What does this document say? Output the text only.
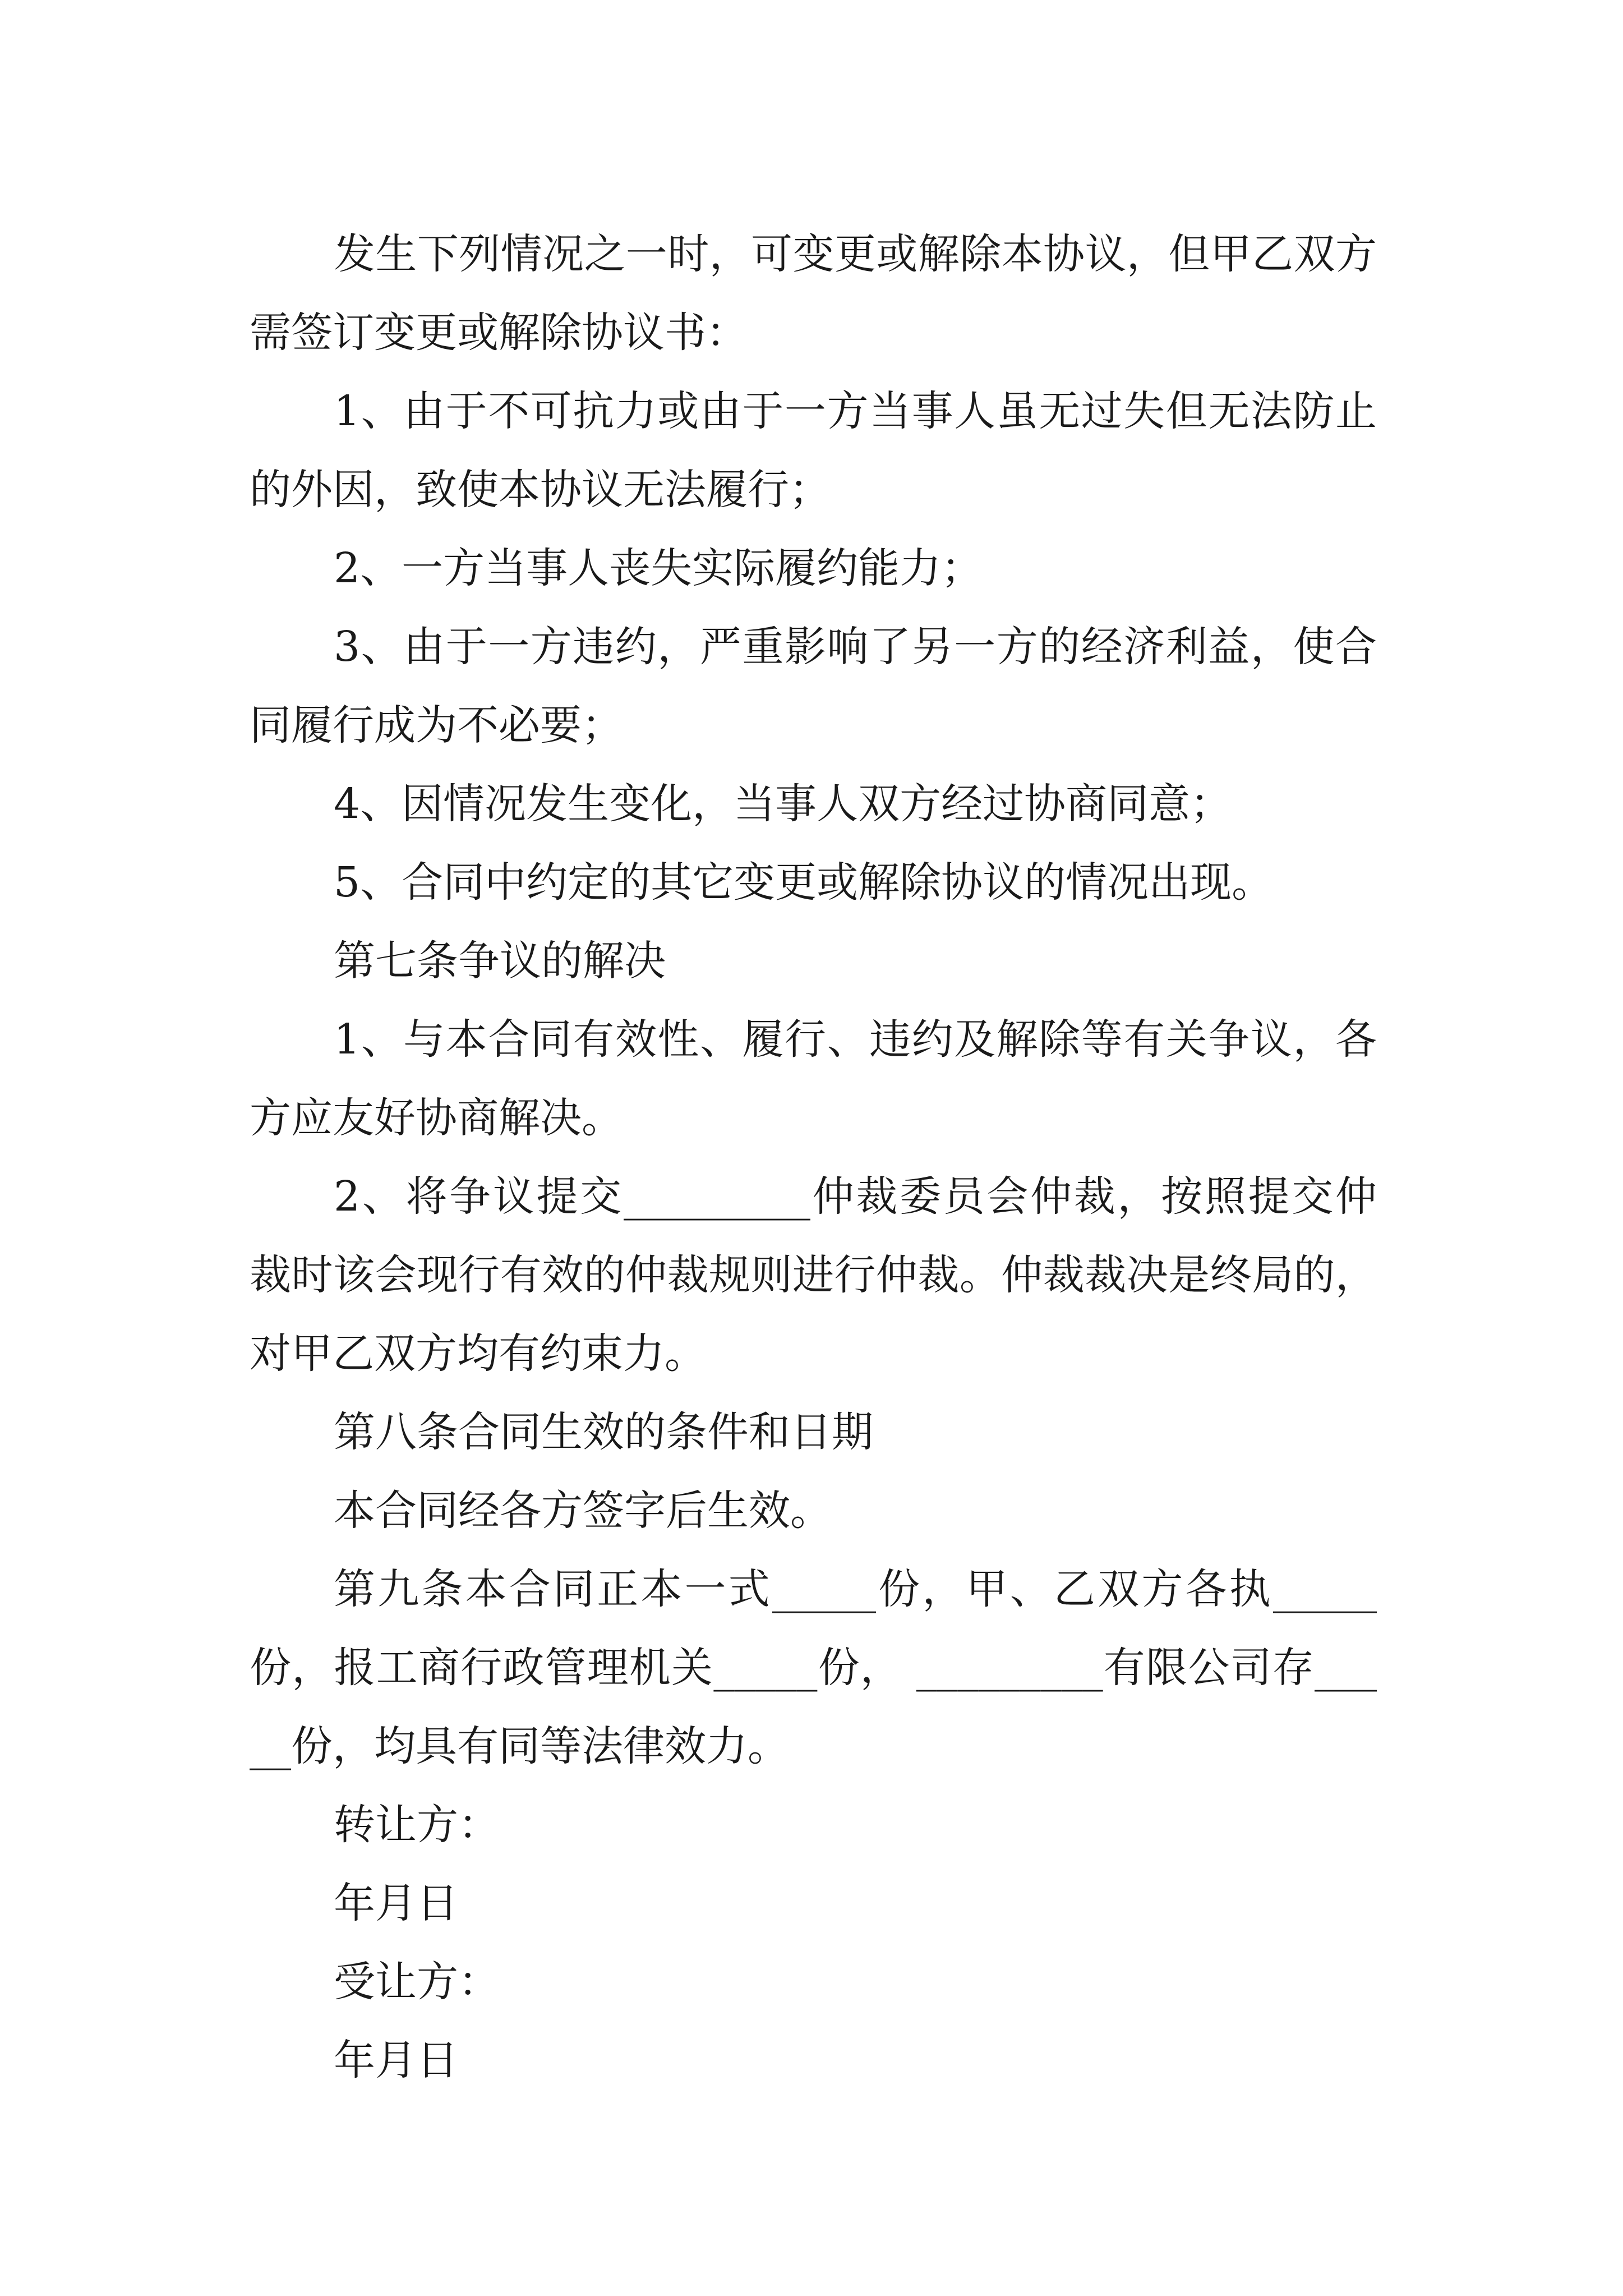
发生下列情况之一时，可变更或解除本协议，但甲乙双方需签订变更或解除协议书：

1、由于不可抗力或由于一方当事人虽无过失但无法防止的外因，致使本协议无法履行；

2、一方当事人丧失实际履约能力；

3、由于一方违约，严重影响了另一方的经济利益，使合同履行成为不必要；

4、因情况发生变化，当事人双方经过协商同意；

5、合同中约定的其它变更或解除协议的情况出现。

第七条争议的解决

1、与本合同有效性、履行、违约及解除等有关争议，各方应友好协商解决。

2、将争议提交_________仲裁委员会仲裁，按照提交仲裁时该会现行有效的仲裁规则进行仲裁。仲裁裁决是终局的，对甲乙双方均有约束力。

第八条合同生效的条件和日期

本合同经各方签字后生效。

第九条本合同正本一式_____份，甲、乙双方各执_____份，报工商行政管理机关_____份， _________有限公司存_____份，均具有同等法律效力。

转让方：

年月日

受让方：

年月日
